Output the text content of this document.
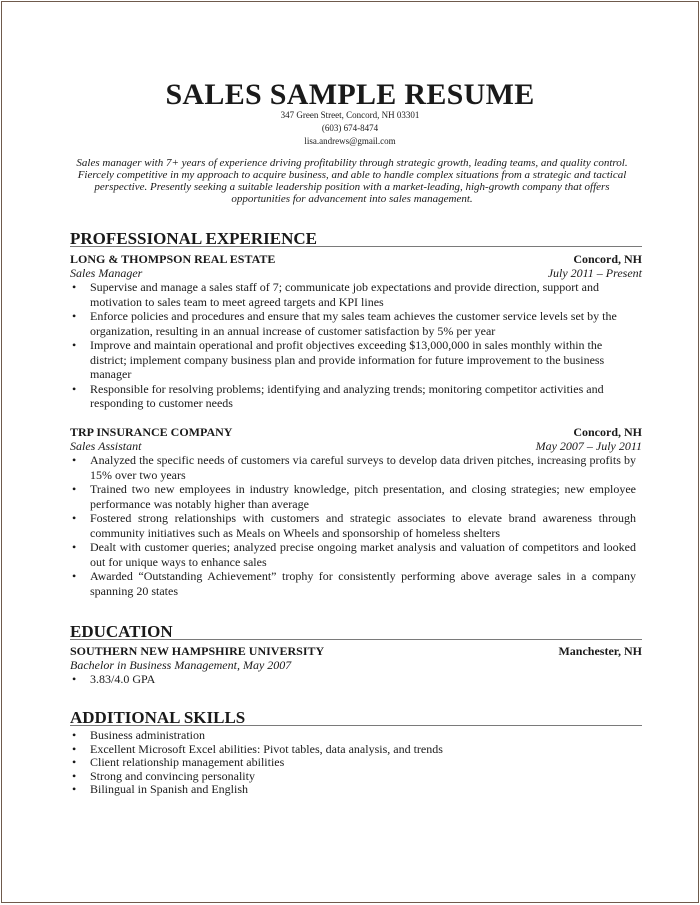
SALES SAMPLE RESUME
347 Green Street, Concord, NH 03301
(603) 674-8474
lisa.andrews@gmail.com
Sales manager with 7+ years of experience driving profitability through strategic growth, leading teams, and quality control. Fiercely competitive in my approach to acquire business, and able to handle complex situations from a strategic and tactical perspective. Presently seeking a suitable leadership position with a market-leading, high-growth company that offers opportunities for advancement into sales management.
PROFESSIONAL EXPERIENCE
LONG & THOMPSON REAL ESTATE	Concord, NH
Sales Manager	July 2011 – Present
• Supervise and manage a sales staff of 7; communicate job expectations and provide direction, support and motivation to sales team to meet agreed targets and KPI lines
• Enforce policies and procedures and ensure that my sales team achieves the customer service levels set by the organization, resulting in an annual increase of customer satisfaction by 5% per year
• Improve and maintain operational and profit objectives exceeding $13,000,000 in sales monthly within the district; implement company business plan and provide information for future improvement to the business manager
• Responsible for resolving problems; identifying and analyzing trends; monitoring competitor activities and responding to customer needs
TRP INSURANCE COMPANY	Concord, NH
Sales Assistant	May 2007 – July 2011
• Analyzed the specific needs of customers via careful surveys to develop data driven pitches, increasing profits by 15% over two years
• Trained two new employees in industry knowledge, pitch presentation, and closing strategies; new employee performance was notably higher than average
• Fostered strong relationships with customers and strategic associates to elevate brand awareness through community initiatives such as Meals on Wheels and sponsorship of homeless shelters
• Dealt with customer queries; analyzed precise ongoing market analysis and valuation of competitors and looked out for unique ways to enhance sales
• Awarded “Outstanding Achievement” trophy for consistently performing above average sales in a company spanning 20 states
EDUCATION
SOUTHERN NEW HAMPSHIRE UNIVERSITY	Manchester, NH
Bachelor in Business Management, May 2007
• 3.83/4.0 GPA
ADDITIONAL SKILLS
• Business administration
• Excellent Microsoft Excel abilities: Pivot tables, data analysis, and trends
• Client relationship management abilities
• Strong and convincing personality
• Bilingual in Spanish and English
